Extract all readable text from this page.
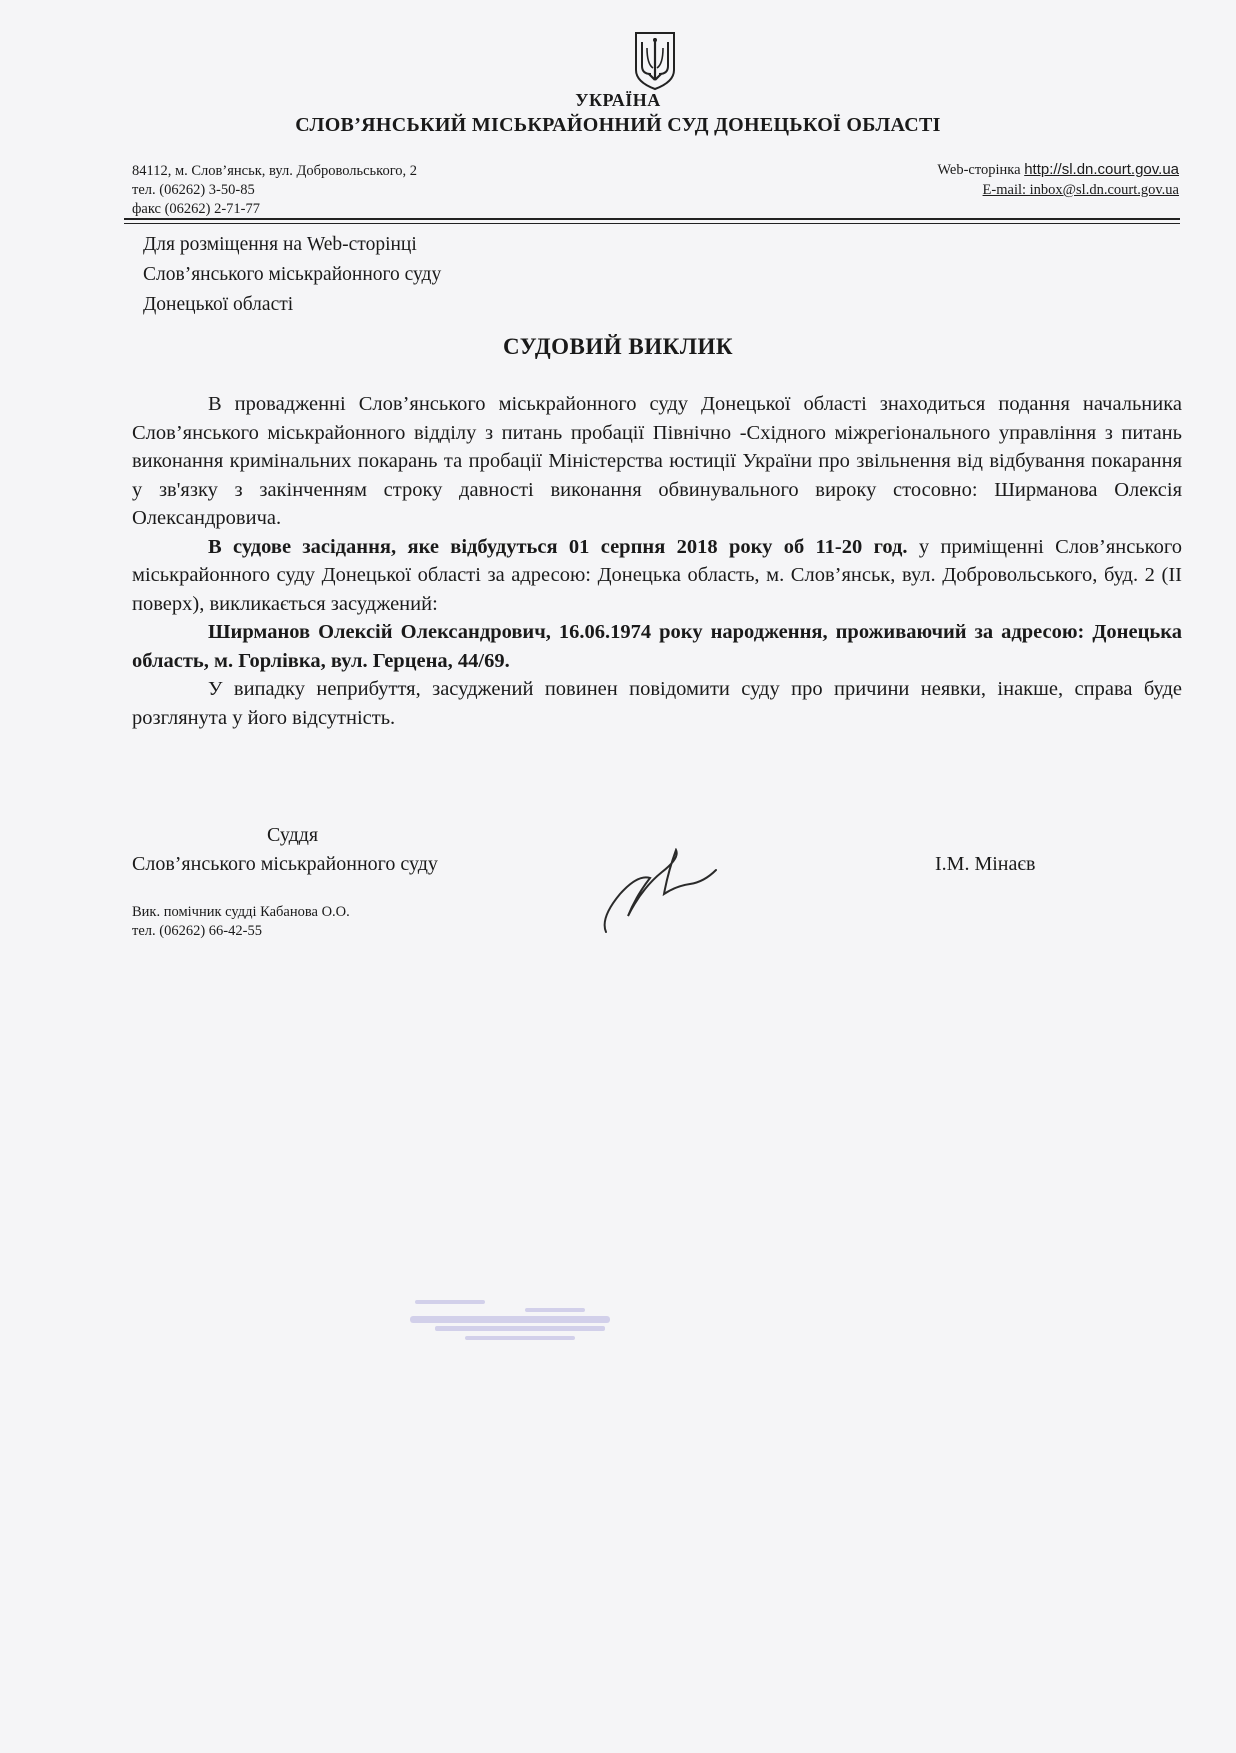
УКРАЇНА
СЛОВ’ЯНСЬКИЙ МІСЬКРАЙОННИЙ СУД ДОНЕЦЬКОЇ ОБЛАСТІ
84112, м. Слов’янськ, вул. Добровольського, 2
тел. (06262) 3-50-85
факс (06262) 2-71-77
Web-сторінка http://sl.dn.court.gov.ua
E-mail: inbox@sl.dn.court.gov.ua
Для розміщення на Web-сторінці
Слов’янського міськрайонного суду
Донецької області
СУДОВИЙ ВИКЛИК

В провадженні Слов’янського міськрайонного суду Донецької області знаходиться подання начальника Слов’янського міськрайонного відділу з питань пробації Північно -Східного міжрегіонального управління з питань виконання кримінальних покарань та пробації Міністерства юстиції України про звільнення від відбування покарання у зв'язку з закінченням строку давності виконання обвинувального вироку стосовно: Ширманова Олексія Олександровича.

В судове засідання, яке відбудуться 01 серпня 2018 року об 11-20 год. у приміщенні Слов’янського міськрайонного суду Донецької області за адресою: Донецька область, м. Слов’янськ, вул. Добровольського, буд. 2 (ІІ поверх), викликається засуджений:

Ширманов Олексій Олександрович, 16.06.1974 року народження, проживаючий за адресою: Донецька область, м. Горлівка, вул. Герцена, 44/69.

У випадку неприбуття, засуджений повинен повідомити суду про причини неявки, інакше, справа буде розглянута у його відсутність.

Суддя
Слов’янського міськрайонного суду	І.М. Мінаєв
Вик. помічник судді Кабанова О.О.
тел. (06262) 66-42-55
